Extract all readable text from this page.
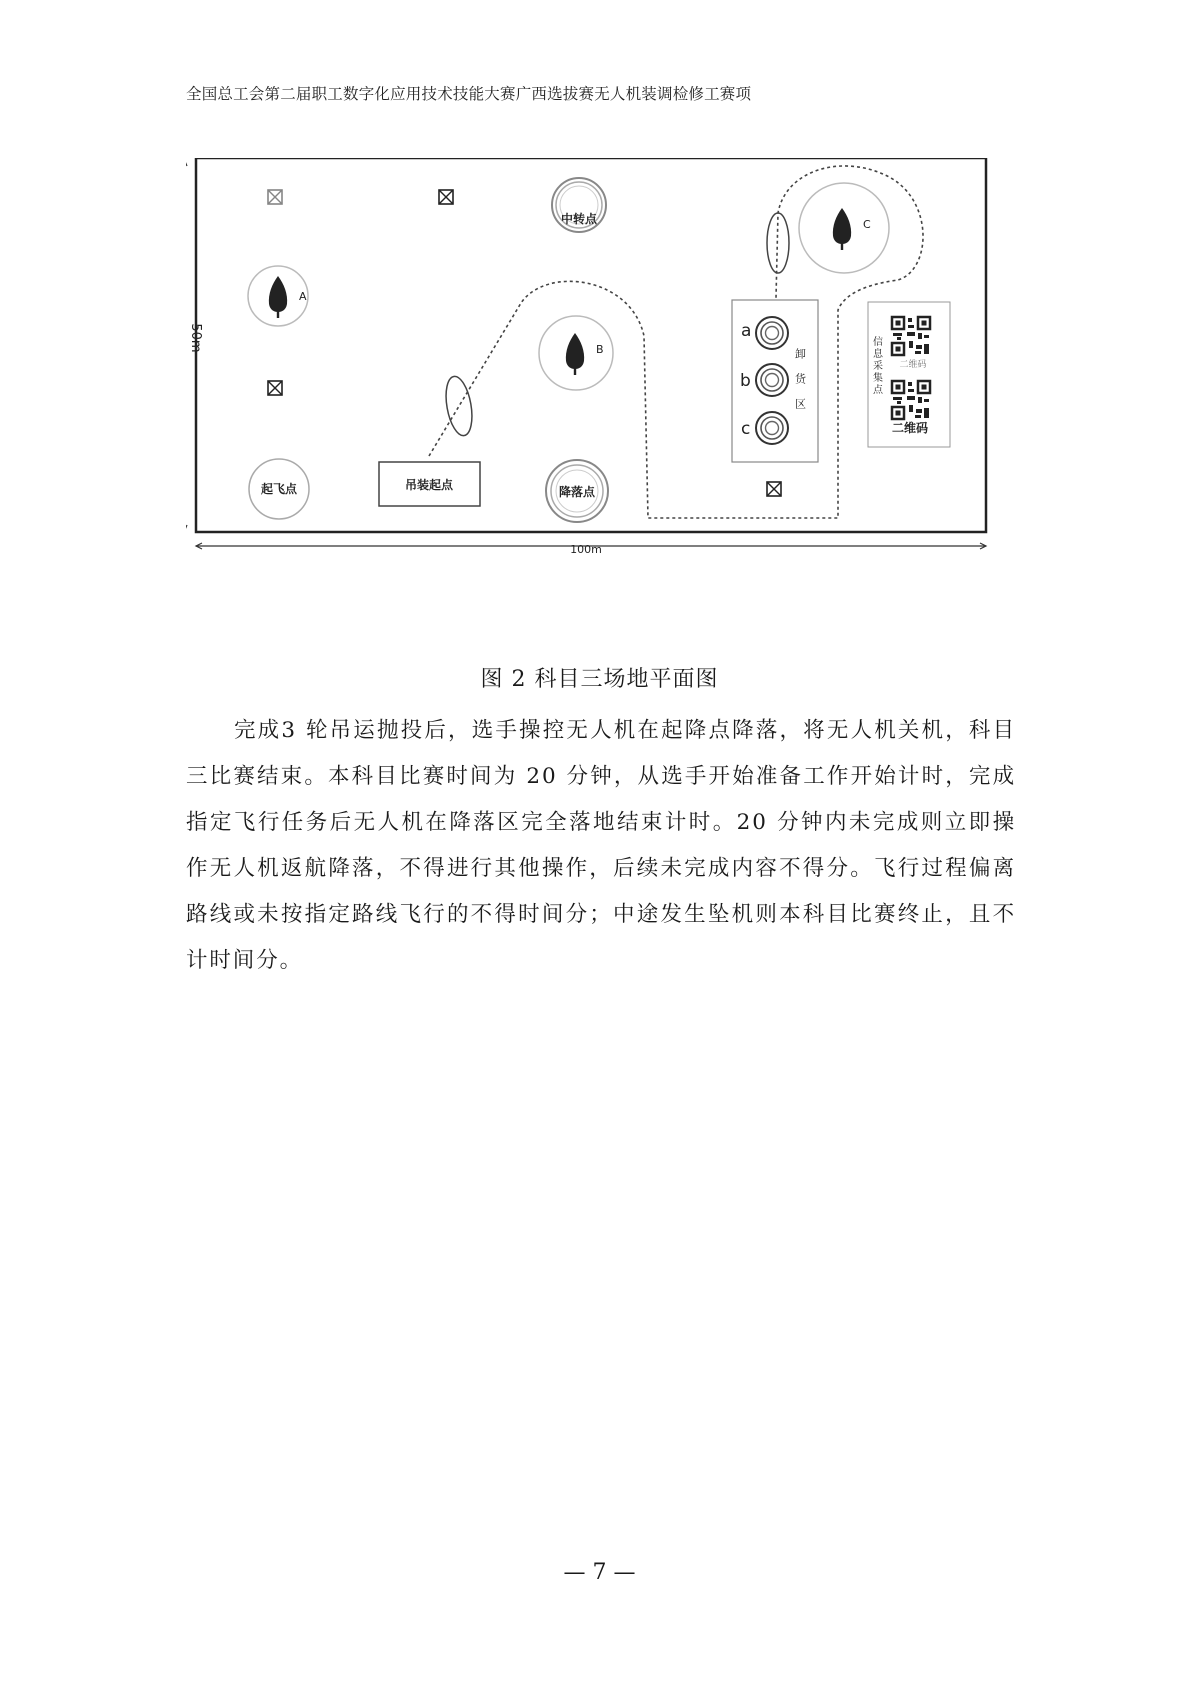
全国总工会第二届职工数字化应用技术技能大赛广西选拔赛无人机装调检修工赛项
50m
100m
A
B
C
中转点
起飞点	降落点
吊装起点
a
b
c
卸货区	信息采集点 二维码
二维码
图 2 科目三场地平面图
完成3 轮吊运抛投后，选手操控无人机在起降点降落，将无人机关机，科目三比赛结束。本科目比赛时间为 20 分钟，从选手开始准备工作开始计时，完成指定飞行任务后无人机在降落区完全落地结束计时。20 分钟内未完成则立即操作无人机返航降落，不得进行其他操作，后续未完成内容不得分。飞行过程偏离路线或未按指定路线飞行的不得时间分；中途发生坠机则本科目比赛终止，且不计时间分。
— 7 —
